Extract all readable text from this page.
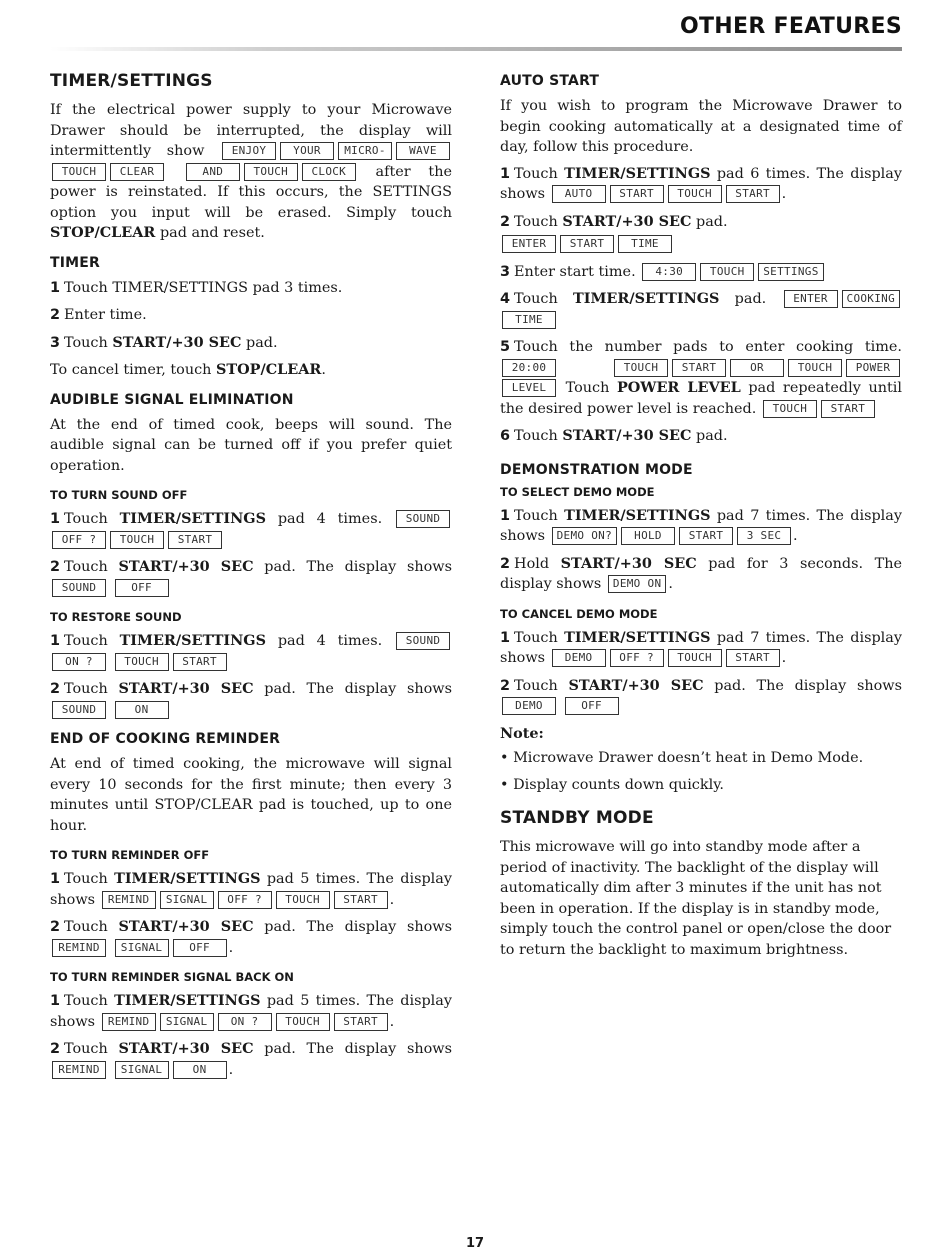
OTHER FEATURES
TIMER/SETTINGS

If the electrical power supply to your Microwave Drawer should be interrupted, the display will intermittently show ENJOY YOUR MICRO- WAVETOUCH CLEAR	AND	TOUCH CLOCK after the power is reinstated. If this occurs, the SETTINGS option you input will be erased. Simply touch STOP/CLEAR pad and reset.

TIMER
1 Touch TIMER/SETTINGS pad 3 times.
2 Enter time.
3 Touch START/+30 SEC pad.

To cancel timer, touch STOP/CLEAR.

AUDIBLE SIGNAL ELIMINATION

At the end of timed cook, beeps will sound. The audible signal can be turned off if you prefer quiet operation.

TO TURN SOUND OFF
1 Touch TIMER/SETTINGS pad 4 times. SOUND OFF ? TOUCH START
2 Touch START/+30 SEC pad. The display shows SOUND	OFF
TO RESTORE SOUND
1 Touch TIMER/SETTINGS pad 4 times. SOUNDON ?	TOUCH START
2 Touch START/+30 SEC pad. The display shows SOUND	ON
END OF COOKING REMINDER

At end of timed cooking, the microwave will signal every 10 seconds for the first minute; then every 3 minutes until STOP/CLEAR pad is touched, up to one hour.

TO TURN REMINDER OFF
1 Touch TIMER/SETTINGS pad 5 times. The display shows REMIND SIGNAL OFF ? TOUCH START .
2 Touch START/+30 SEC pad. The display shows REMIND SIGNAL OFF .
TO TURN REMINDER SIGNAL BACK ON
1 Touch TIMER/SETTINGS pad 5 times. The display shows REMIND SIGNAL ON ? TOUCH START .
2 Touch START/+30 SEC pad. The display shows REMIND SIGNAL	ON .
AUTO START

If you wish to program the Microwave Drawer to begin cooking automatically at a designated time of day, follow this procedure.

1 Touch TIMER/SETTINGS pad 6 times. The display shows AUTO START TOUCH START .
2 Touch START/+30 SEC pad.
ENTER START TIME
3 Enter start time. 4:30 TOUCH SETTINGS
4 Touch TIMER/SETTINGS pad. ENTER COOKING TIME
5 Touch the number pads to enter cooking time. 20:00	TOUCH START	OR	TOUCH POWERLEVEL Touch POWER LEVEL pad repeatedly until the desired power level is reached. TOUCH START
6 Touch START/+30 SEC pad.
DEMONSTRATION MODE
TO SELECT DEMO MODE
1 Touch TIMER/SETTINGS pad 7 times. The display shows DEMO ON? HOLD START 3 SEC .
2 Hold START/+30 SEC pad for 3 seconds. The display shows DEMO ON .
TO CANCEL DEMO MODE
1 Touch TIMER/SETTINGS pad 7 times. The display shows DEMO OFF ? TOUCH START .
2 Touch START/+30 SEC pad. The display shows DEMO	OFF
Note:
• Microwave Drawer doesn’t heat in Demo Mode.
• Display counts down quickly.
STANDBY MODE

This microwave will go into standby mode after a period of inactivity. The backlight of the display will automatically dim after 3 minutes if the unit has not been in operation. If the display is in standby mode, simply touch the control panel or open/close the door to return the backlight to maximum brightness.

17
